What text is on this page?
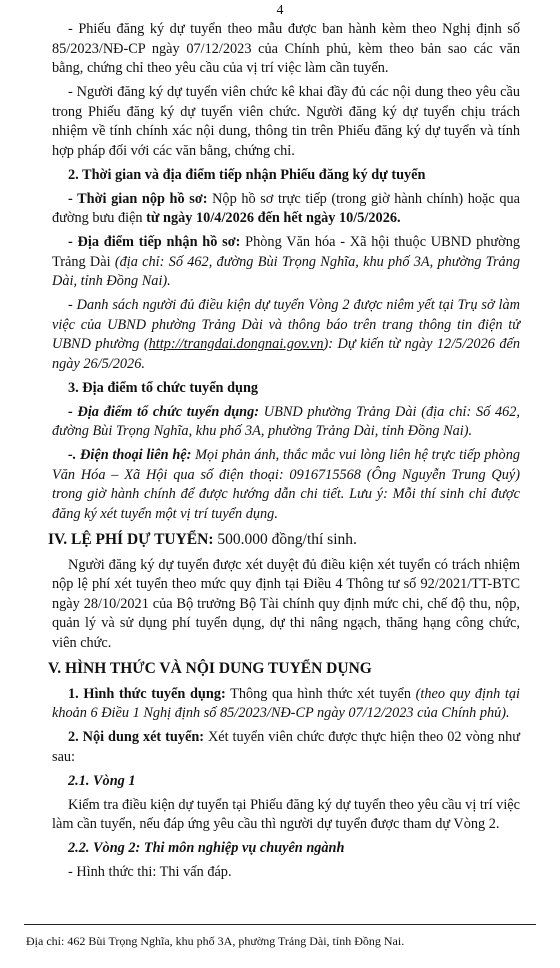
4

- Phiếu đăng ký dự tuyển theo mẫu được ban hành kèm theo Nghị định số 85/2023/NĐ-CP ngày 07/12/2023 của Chính phủ, kèm theo bản sao các văn bằng, chứng chỉ theo yêu cầu của vị trí việc làm cần tuyển.

- Người đăng ký dự tuyển viên chức kê khai đầy đủ các nội dung theo yêu cầu trong Phiếu đăng ký dự tuyển viên chức. Người đăng ký dự tuyển chịu trách nhiệm về tính chính xác nội dung, thông tin trên Phiếu đăng ký dự tuyển và tính hợp pháp đối với các văn bằng, chứng chỉ.

2. Thời gian và địa điểm tiếp nhận Phiếu đăng ký dự tuyển

- Thời gian nộp hồ sơ: Nộp hồ sơ trực tiếp (trong giờ hành chính) hoặc qua đường bưu điện từ ngày 10/4/2026 đến hết ngày 10/5/2026.

- Địa điểm tiếp nhận hồ sơ: Phòng Văn hóa - Xã hội thuộc UBND phường Trảng Dài (địa chỉ: Số 462, đường Bùi Trọng Nghĩa, khu phố 3A, phường Trảng Dài, tỉnh Đồng Nai).

- Danh sách người đủ điều kiện dự tuyển Vòng 2 được niêm yết tại Trụ sở làm việc của UBND phường Trảng Dài và thông báo trên trang thông tin điện tử UBND phường (http://trangdai.dongnai.gov.vn): Dự kiến từ ngày 12/5/2026 đến ngày 26/5/2026.

3. Địa điểm tổ chức tuyển dụng

- Địa điểm tổ chức tuyển dụng: UBND phường Trảng Dài (địa chỉ: Số 462, đường Bùi Trọng Nghĩa, khu phố 3A, phường Trảng Dài, tỉnh Đồng Nai).

-. Điện thoại liên hệ: Mọi phản ánh, thắc mắc vui lòng liên hệ trực tiếp phòng Văn Hóa – Xã Hội qua số điện thoại: 0916715568 (Ông Nguyễn Trung Quý) trong giờ hành chính để được hướng dẫn chi tiết. Lưu ý: Mỗi thí sinh chỉ được đăng ký xét tuyển một vị trí tuyển dụng.

IV. LỆ PHÍ DỰ TUYỂN: 500.000 đồng/thí sinh.

Người đăng ký dự tuyển được xét duyệt đủ điều kiện xét tuyển có trách nhiệm nộp lệ phí xét tuyển theo mức quy định tại Điều 4 Thông tư số 92/2021/TT-BTC ngày 28/10/2021 của Bộ trưởng Bộ Tài chính quy định mức chi, chế độ thu, nộp, quản lý và sử dụng phí tuyển dụng, dự thi nâng ngạch, thăng hạng công chức, viên chức.

V. HÌNH THỨC VÀ NỘI DUNG TUYỂN DỤNG

1. Hình thức tuyển dụng: Thông qua hình thức xét tuyển (theo quy định tại khoản 6 Điều 1 Nghị định số 85/2023/NĐ-CP ngày 07/12/2023 của Chính phủ).

2. Nội dung xét tuyển: Xét tuyển viên chức được thực hiện theo 02 vòng như sau:

2.1. Vòng 1

Kiểm tra điều kiện dự tuyển tại Phiếu đăng ký dự tuyển theo yêu cầu vị trí việc làm cần tuyển, nếu đáp ứng yêu cầu thì người dự tuyển được tham dự Vòng 2.

2.2. Vòng 2: Thi môn nghiệp vụ chuyên ngành

- Hình thức thi: Thi vấn đáp.

Địa chỉ: 462 Bùi Trọng Nghĩa, khu phố 3A, phường Trảng Dài, tỉnh Đồng Nai.
